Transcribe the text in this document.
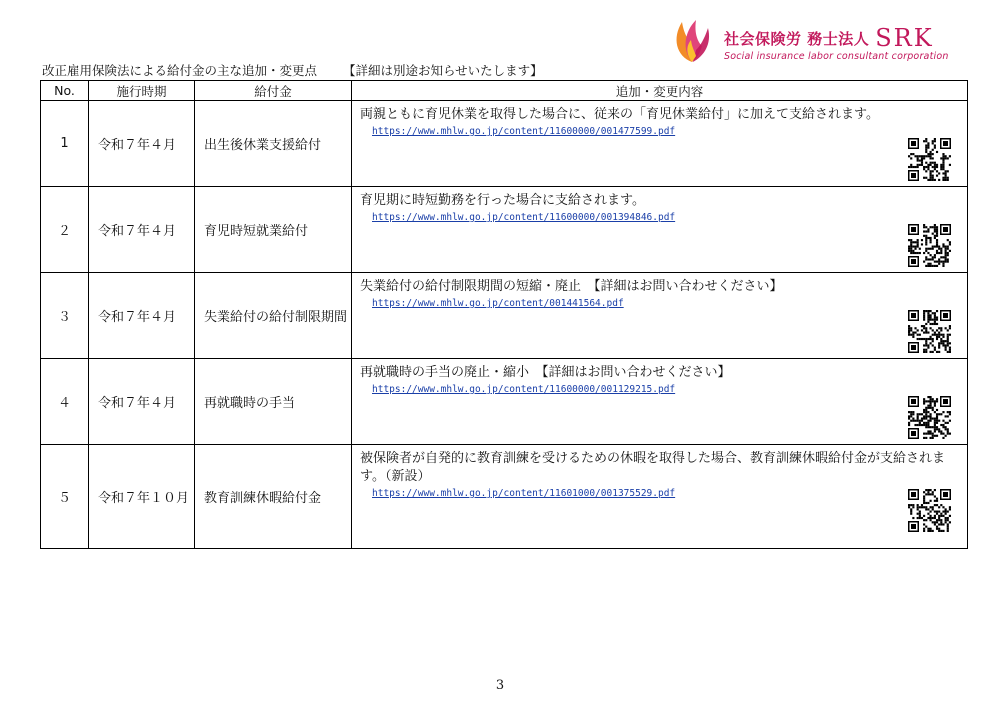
社会保険労 務士法人 SRK
Social insurance labor consultant corporation
改正雇用保険法による給付金の主な追加・変更点 【詳細は別途お知らせいたします】
No.	施行時期	給付金	追加・変更内容
1	令和７年４月	出生後休業支援給付	両親ともに育児休業を取得した場合に、従来の「育児休業給付」に加えて支給されます。
https://www.mhlw.go.jp/content/11600000/001477599.pdf

２	令和７年４月	育児時短就業給付	育児期に時短勤務を行った場合に支給されます。
https://www.mhlw.go.jp/content/11600000/001394846.pdf

３	令和７年４月	失業給付の給付制限期間	失業給付の給付制限期間の短縮・廃止　【詳細はお問い合わせください】
https://www.mhlw.go.jp/content/001441564.pdf

４	令和７年４月	再就職時の手当	再就職時の手当の廃止・縮小　【詳細はお問い合わせください】
https://www.mhlw.go.jp/content/11600000/001129215.pdf

５	令和７年１０月	教育訓練休暇給付金	被保険者が自発的に教育訓練を受けるための休暇を取得した場合、教育訓練休暇給付金が支給されます。（新設）
https://www.mhlw.go.jp/content/11601000/001375529.pdf
3
